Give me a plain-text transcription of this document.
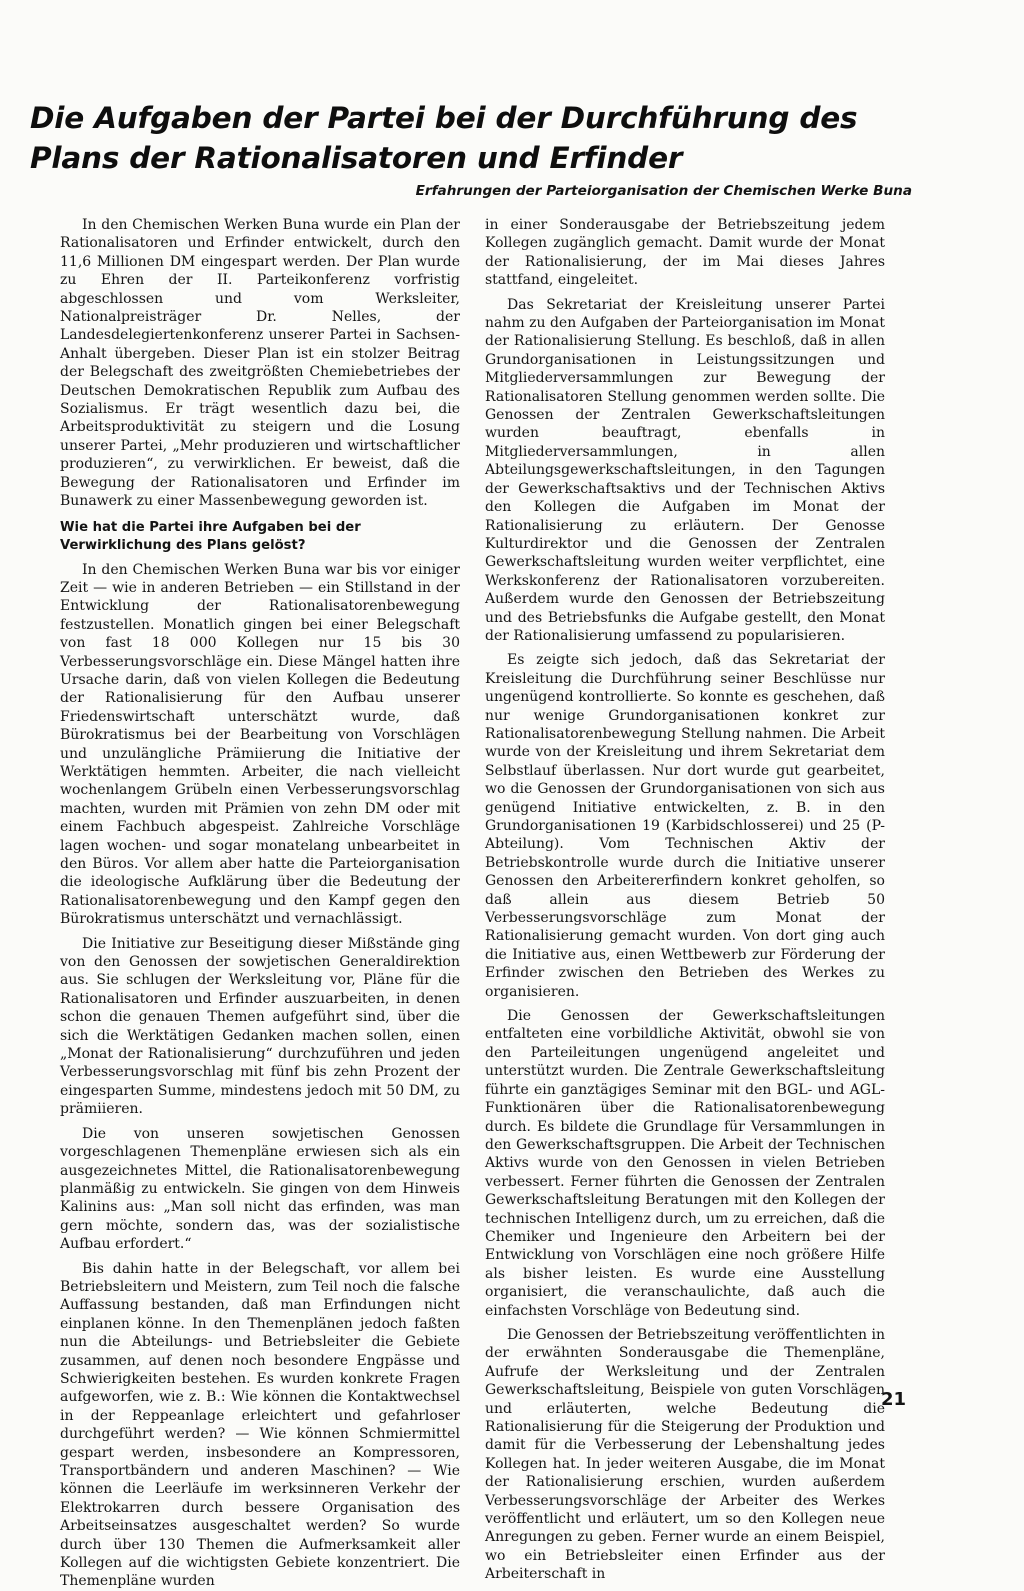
Die Aufgaben der Partei bei der Durchführung des Plans der Rationalisatoren und Erfinder
Erfahrungen der Parteiorganisation der Chemischen Werke Buna

In den Chemischen Werken Buna wurde ein Plan der Rationalisatoren und Erfinder entwickelt, durch den 11,6 Millionen DM eingespart werden. Der Plan wurde zu Ehren der II. Parteikonferenz vorfristig abgeschlossen und vom Werksleiter, Nationalpreisträger Dr. Nelles, der Landesdelegiertenkonferenz unserer Partei in Sachsen-Anhalt übergeben. Dieser Plan ist ein stolzer Beitrag der Belegschaft des zweitgrößten Chemiebetriebes der Deutschen Demokratischen Republik zum Aufbau des Sozialismus. Er trägt wesentlich dazu bei, die Arbeitsproduktivität zu steigern und die Losung unserer Partei, „Mehr produzieren und wirtschaftlicher produzieren“, zu verwirklichen. Er beweist, daß die Bewegung der Rationalisatoren und Erfinder im Bunawerk zu einer Massenbewegung geworden ist.

Wie hat die Partei ihre Aufgaben bei der Verwirklichung des Plans gelöst?

In den Chemischen Werken Buna war bis vor einiger Zeit — wie in anderen Betrieben — ein Stillstand in der Entwicklung der Rationalisatorenbewegung festzustellen. Monatlich gingen bei einer Belegschaft von fast 18 000 Kollegen nur 15 bis 30 Verbesserungsvorschläge ein. Diese Mängel hatten ihre Ursache darin, daß von vielen Kollegen die Bedeutung der Rationalisierung für den Aufbau unserer Friedenswirtschaft unterschätzt wurde, daß Bürokratismus bei der Bearbeitung von Vorschlägen und unzulängliche Prämiierung die Initiative der Werktätigen hemmten. Arbeiter, die nach vielleicht wochenlangem Grübeln einen Verbesserungsvorschlag machten, wurden mit Prämien von zehn DM oder mit einem Fachbuch abgespeist. Zahlreiche Vorschläge lagen wochen- und sogar monatelang unbearbeitet in den Büros. Vor allem aber hatte die Parteiorganisation die ideologische Aufklärung über die Bedeutung der Rationalisatorenbewegung und den Kampf gegen den Bürokratismus unterschätzt und vernachlässigt.

Die Initiative zur Beseitigung dieser Mißstände ging von den Genossen der sowjetischen Generaldirektion aus. Sie schlugen der Werksleitung vor, Pläne für die Rationalisatoren und Erfinder auszuarbeiten, in denen schon die genauen Themen aufgeführt sind, über die sich die Werktätigen Gedanken machen sollen, einen „Monat der Rationalisierung“ durchzuführen und jeden Verbesserungsvorschlag mit fünf bis zehn Prozent der eingesparten Summe, mindestens jedoch mit 50 DM, zu prämiieren.

Die von unseren sowjetischen Genossen vorgeschlagenen Themenpläne erwiesen sich als ein ausgezeichnetes Mittel, die Rationalisatorenbewegung planmäßig zu entwickeln. Sie gingen von dem Hinweis Kalinins aus: „Man soll nicht das erfinden, was man gern möchte, sondern das, was der sozialistische Aufbau erfordert.“

Bis dahin hatte in der Belegschaft, vor allem bei Betriebsleitern und Meistern, zum Teil noch die falsche Auffassung bestanden, daß man Erfindungen nicht einplanen könne. In den Themenplänen jedoch faßten nun die Abteilungs- und Betriebsleiter die Gebiete zusammen, auf denen noch besondere Engpässe und Schwierigkeiten bestehen. Es wurden konkrete Fragen aufgeworfen, wie z. B.: Wie können die Kontaktwechsel in der Reppeanlage erleichtert und gefahrloser durchgeführt werden? — Wie können Schmiermittel gespart werden, insbesondere an Kompressoren, Transportbändern und anderen Maschinen? — Wie können die Leerläufe im werksinneren Verkehr der Elektrokarren durch bessere Organisation des Arbeitseinsatzes ausgeschaltet werden? So wurde durch über 130 Themen die Aufmerksamkeit aller Kollegen auf die wichtigsten Gebiete konzentriert. Die Themenpläne wurden

in einer Sonderausgabe der Betriebszeitung jedem Kollegen zugänglich gemacht. Damit wurde der Monat der Rationalisierung, der im Mai dieses Jahres stattfand, eingeleitet.

Das Sekretariat der Kreisleitung unserer Partei nahm zu den Aufgaben der Parteiorganisation im Monat der Rationalisierung Stellung. Es beschloß, daß in allen Grundorganisationen in Leistungssitzungen und Mitgliederversammlungen zur Bewegung der Rationalisatoren Stellung genommen werden sollte. Die Genossen der Zentralen Gewerkschaftsleitungen wurden beauftragt, ebenfalls in Mitgliederversammlungen, in allen Abteilungsgewerkschaftsleitungen, in den Tagungen der Gewerkschaftsaktivs und der Technischen Aktivs den Kollegen die Aufgaben im Monat der Rationalisierung zu erläutern. Der Genosse Kulturdirektor und die Genossen der Zentralen Gewerkschaftsleitung wurden weiter verpflichtet, eine Werkskonferenz der Rationalisatoren vorzubereiten. Außerdem wurde den Genossen der Betriebszeitung und des Betriebsfunks die Aufgabe gestellt, den Monat der Rationalisierung umfassend zu popularisieren.

Es zeigte sich jedoch, daß das Sekretariat der Kreisleitung die Durchführung seiner Beschlüsse nur ungenügend kontrollierte. So konnte es geschehen, daß nur wenige Grundorganisationen konkret zur Rationalisatorenbewegung Stellung nahmen. Die Arbeit wurde von der Kreisleitung und ihrem Sekretariat dem Selbstlauf überlassen. Nur dort wurde gut gearbeitet, wo die Genossen der Grundorganisationen von sich aus genügend Initiative entwickelten, z. B. in den Grundorganisationen 19 (Karbidschlosserei) und 25 (P-Abteilung). Vom Technischen Aktiv der Betriebskontrolle wurde durch die Initiative unserer Genossen den Arbeitererfindern konkret geholfen, so daß allein aus diesem Betrieb 50 Verbesserungsvorschläge zum Monat der Rationalisierung gemacht wurden. Von dort ging auch die Initiative aus, einen Wettbewerb zur Förderung der Erfinder zwischen den Betrieben des Werkes zu organisieren.

Die Genossen der Gewerkschaftsleitungen entfalteten eine vorbildliche Aktivität, obwohl sie von den Parteileitungen ungenügend angeleitet und unterstützt wurden. Die Zentrale Gewerkschaftsleitung führte ein ganztägiges Seminar mit den BGL- und AGL-Funktionären über die Rationalisatorenbewegung durch. Es bildete die Grundlage für Versammlungen in den Gewerkschaftsgruppen. Die Arbeit der Technischen Aktivs wurde von den Genossen in vielen Betrieben verbessert. Ferner führten die Genossen der Zentralen Gewerkschaftsleitung Beratungen mit den Kollegen der technischen Intelligenz durch, um zu erreichen, daß die Chemiker und Ingenieure den Arbeitern bei der Entwicklung von Vorschlägen eine noch größere Hilfe als bisher leisten. Es wurde eine Ausstellung organisiert, die veranschaulichte, daß auch die einfachsten Vorschläge von Bedeutung sind.

Die Genossen der Betriebszeitung veröffentlichten in der erwähnten Sonderausgabe die Themenpläne, Aufrufe der Werksleitung und der Zentralen Gewerkschaftsleitung, Beispiele von guten Vorschlägen und erläuterten, welche Bedeutung die Rationalisierung für die Steigerung der Produktion und damit für die Verbesserung der Lebenshaltung jedes Kollegen hat. In jeder weiteren Ausgabe, die im Monat der Rationalisierung erschien, wurden außerdem Verbesserungsvorschläge der Arbeiter des Werkes veröffentlicht und erläutert, um so den Kollegen neue Anregungen zu geben. Ferner wurde an einem Beispiel, wo ein Betriebsleiter einen Erfinder aus der Arbeiterschaft in

21
